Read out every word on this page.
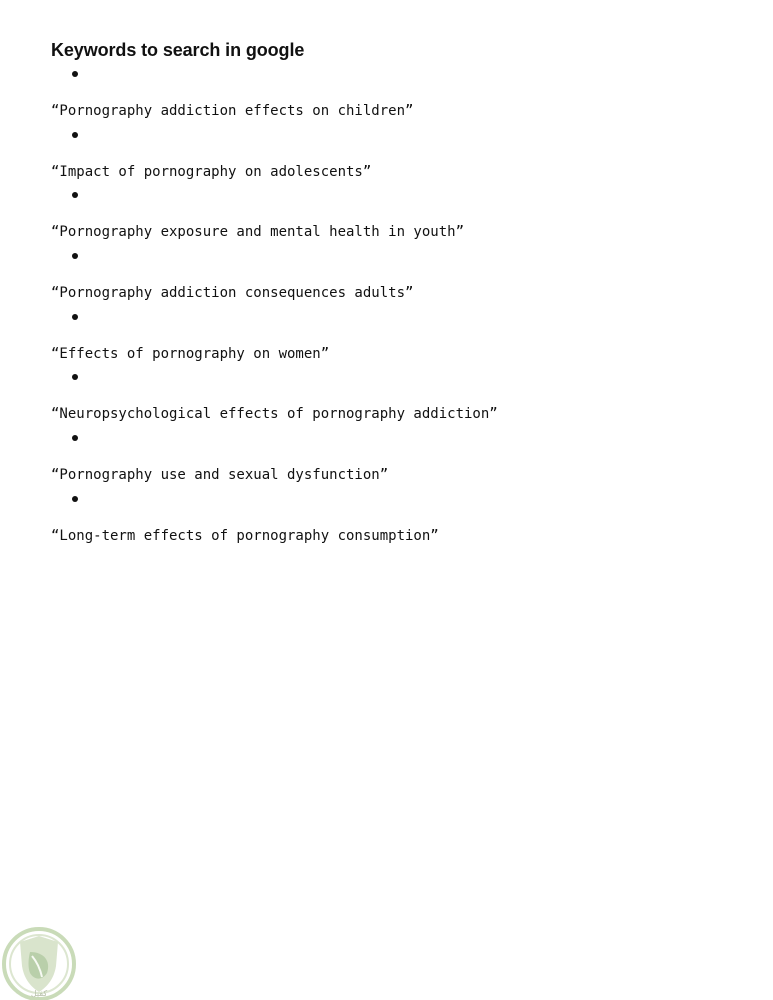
Keywords to search in google

“Pornography addiction effects on children”

“Impact of pornography on adolescents”

“Pornography exposure and mental health in youth”

“Pornography addiction consequences adults”

“Effects of pornography on women”

“Neuropsychological effects of pornography addiction”

“Pornography use and sexual dysfunction”

“Long-term effects of pornography consumption”

كفيل
